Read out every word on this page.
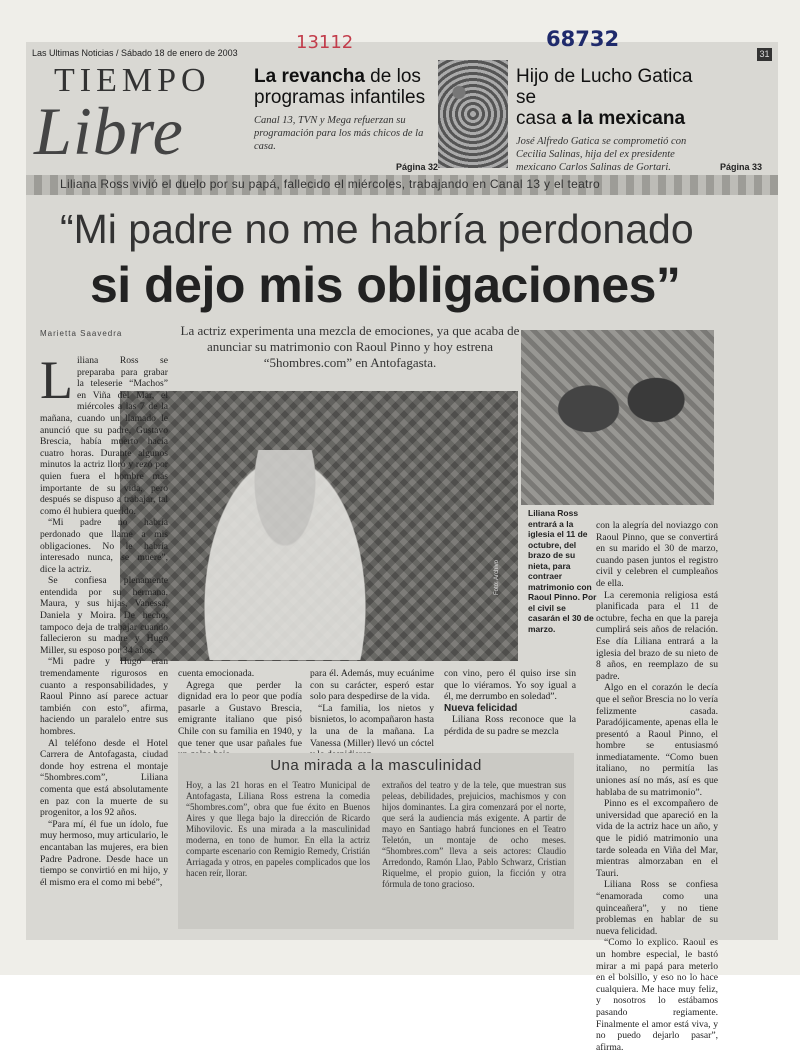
Las Ultimas Noticias / Sábado 18 de enero de 2003	31
13112	68732
TIEMPO
Libre
La revancha de los
programas infantiles
Canal 13, TVN y Mega refuerzan su programación para los más chicos de la casa.
Página 32
Hijo de Lucho Gatica se
casa a la mexicana
José Alfredo Gatica se comprometió con Cecilia Salinas, hija del ex presidente mexicano Carlos Salinas de Gortari.	Página 33
Liliana Ross vivió el duelo por su papá, fallecido el miércoles, trabajando en Canal 13 y el teatro
“Mi padre no me habría perdonado
si dejo mis obligaciones”
Marietta Saavedra	La actriz experimenta una mezcla de emociones, ya que acaba de anunciar su matrimonio con Raoul Pinno y hoy estrena “5hombres.com” en Antofagasta.
Foto: Archivo
Liliana Ross entrará a la iglesia el 11 de octubre, del brazo de su nieta, para contraer matrimonio con Raoul Pinno. Por el civil se casarán el 30 de marzo.
L iliana Ross se preparaba para grabar la teleserie “Machos” en Viña del Mar, el miércoles a las 7 de la mañana, cuando un llamado le anunció que su padre, Gustavo Brescia, había muerto hacía cuatro horas. Durante algunos minutos la actriz lloró y rezó por quien fuera el hombre más importante de su vida, pero después se dispuso a trabajar, tal como él hubiera querido.
“Mi padre no habría perdonado que llame a mis obligaciones. No le habría interesado nunca, se muere”, dice la actriz.
Se confiesa plenamente entendida por su hermana, Maura, y sus hijas, Vanessa, Daniela y Moira. De hecho, tampoco deja de trabajar cuando fallecieron su madre y Hugo Miller, su esposo por 34 años.
“Mi padre y Hugo eran tremendamente rigurosos en cuanto a responsabilidades, y Raoul Pinno así parece actuar también con esto”, afirma, haciendo un paralelo entre sus hombres.
Al teléfono desde el Hotel Carrera de Antofagasta, ciudad donde hoy estrena el montaje “5hombres.com”, Liliana comenta que está absolutamente en paz con la muerte de su progenitor, a los 92 años.
“Para mí, él fue un ídolo, fue muy hermoso, muy articulario, le encantaban las mujeres, era bien Padre Padrone. Desde hace un tiempo se convirtió en mi hijo, y él mismo era el como mi bebé”,
cuenta emocionada.
Agrega que perder la dignidad era lo peor que podía pasarle a Gustavo Brescia, emigrante italiano que pisó Chile con su familia en 1940, y que tener que usar pañales fue
para él. Además, muy ecuánime con su carácter, esperó estar solo para despedirse de la vida.
“La familia, los nietos y bisnietos, lo acompañaron hasta la una de la mañana. La Vanessa (Miller) llevó un cóctel
con vino, pero él quiso irse sin que lo viéramos. Yo soy igual a él, me derrumbo en soledad”.
Nueva felicidad
Liliana Ross reconoce que la pérdida de su padre se mezcla
con la alegría del noviazgo con Raoul Pinno, que se convertirá en su marido el 30 de marzo, cuando pasen juntos el registro civil y celebren el cumpleaños de ella.
La ceremonia religiosa está planificada para el 11 de octubre, fecha en que la pareja cumplirá seis años de relación. Ese día Liliana entrará a la iglesia del brazo de su nieto de 8 años, en reemplazo de su padre.
Algo en el corazón le decía que el señor Brescia no lo vería felizmente casada. Paradójicamente, apenas ella le presentó a Raoul Pinno, el hombre se entusiasmó inmediatamente. “Como buen italiano, no permitía las uniones así no más, así es que hablaba de su matrimonio”.
Pinno es el excompañero de universidad que apareció en la vida de la actriz hace un año, y que le pidió matrimonio una tarde soleada en Viña del Mar, mientras almorzaban en el Tauri.
Liliana Ross se confiesa “enamorada como una quinceañera”, y no tiene problemas en hablar de su nueva felicidad.
“Como lo explico. Raoul es un hombre especial, le bastó mirar a mi papá para meterlo en el bolsillo, y eso no lo hace cualquiera. Me hace muy feliz, y nosotros lo estábamos pasando regiamente. Finalmente el amor está viva, y no puedo dejarlo pasar”, afirma.
Una mirada a la masculinidad
Hoy, a las 21 horas en el Teatro Municipal de Antofagasta, Liliana Ross estrena la comedia “5hombres.com”, obra que fue éxito en Buenos Aires y que llega bajo la dirección de Ricardo Mihovilovic. Es una mirada a la masculinidad moderna, en tono de humor. En ella la actriz comparte escenario con Remigio Remedy, Cristián Arriagada y otros, en papeles complicados que los hacen reír, llorar.
extraños del teatro y de la tele, que muestran sus peleas, debilidades, prejuicios, machismos y con hijos dominantes. La gira comenzará por el norte, que será la audiencia más exigente. A partir de mayo en Santiago habrá funciones en el Teatro Teletón, un montaje de ocho meses. “5hombres.com” lleva a seis actores: Claudio Arredondo, Ramón Llao, Pablo Schwarz, Cristian Riquelme, el propio guion, la ficción y otra fórmula de tono gracioso.
